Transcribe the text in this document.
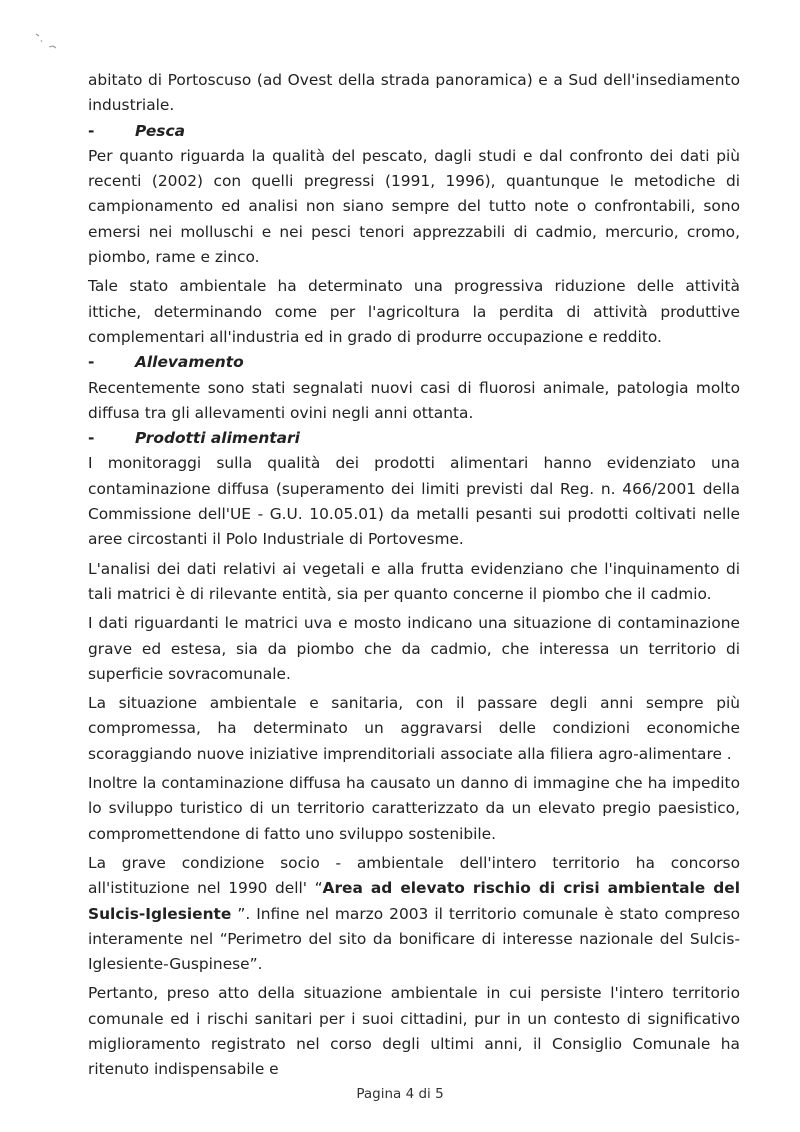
abitato di Portoscuso (ad Ovest della strada panoramica) e a Sud dell'insediamento industriale.

-	Pesca

Per quanto riguarda la qualità del pescato, dagli studi e dal confronto dei dati più recenti (2002) con quelli pregressi (1991, 1996), quantunque le metodiche di campionamento ed analisi non siano sempre del tutto note o confrontabili, sono emersi nei molluschi e nei pesci tenori apprezzabili di cadmio, mercurio, cromo, piombo, rame e zinco.

Tale stato ambientale ha determinato una progressiva riduzione delle attività ittiche, determinando come per l'agricoltura la perdita di attività produttive complementari all'industria ed in grado di produrre occupazione e reddito.

-	Allevamento

Recentemente sono stati segnalati nuovi casi di fluorosi animale, patologia molto diffusa tra gli allevamenti ovini negli anni ottanta.

-	Prodotti alimentari

I monitoraggi sulla qualità dei prodotti alimentari hanno evidenziato una contaminazione diffusa (superamento dei limiti previsti dal Reg. n. 466/2001 della Commissione dell'UE - G.U. 10.05.01) da metalli pesanti sui prodotti coltivati nelle aree circostanti il Polo Industriale di Portovesme.

L'analisi dei dati relativi ai vegetali e alla frutta evidenziano che l'inquinamento di tali matrici è di rilevante entità, sia per quanto concerne il piombo che il cadmio.

I dati riguardanti le matrici uva e mosto indicano una situazione di contaminazione grave ed estesa, sia da piombo che da cadmio, che interessa un territorio di superficie sovracomunale.

La situazione ambientale e sanitaria, con il passare degli anni sempre più compromessa, ha determinato un aggravarsi delle condizioni economiche scoraggiando nuove iniziative imprenditoriali associate alla filiera agro-alimentare .

Inoltre la contaminazione diffusa ha causato un danno di immagine che ha impedito lo sviluppo turistico di un territorio caratterizzato da un elevato pregio paesistico, compromettendone di fatto uno sviluppo sostenibile.

La grave condizione socio - ambientale dell'intero territorio ha concorso all'istituzione nel 1990 dell' “Area ad elevato rischio di crisi ambientale del Sulcis-Iglesiente ”. Infine nel marzo 2003 il territorio comunale è stato compreso interamente nel “Perimetro del sito da bonificare di interesse nazionale del Sulcis-Iglesiente-Guspinese”.

Pertanto, preso atto della situazione ambientale in cui persiste l'intero territorio comunale ed i rischi sanitari per i suoi cittadini, pur in un contesto di significativo miglioramento registrato nel corso degli ultimi anni, il Consiglio Comunale ha ritenuto indispensabile e

Pagina 4 di 5
